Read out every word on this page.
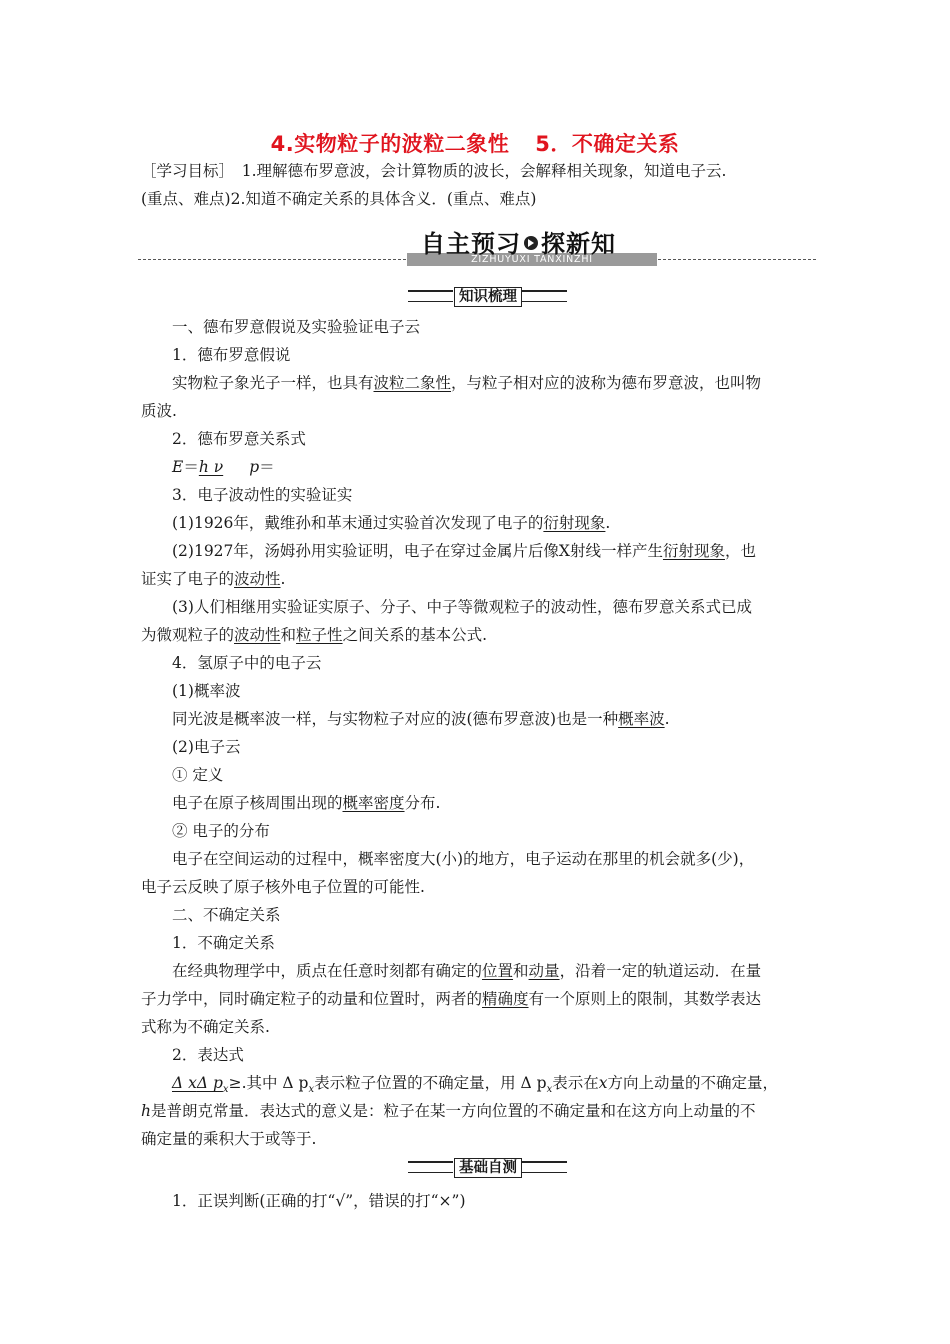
4.实物粒子的波粒二象性 5．不确定关系
［学习目标］　1.理解德布罗意波，会计算物质的波长，会解释相关现象，知道电子云.
(重点、难点)2.知道不确定关系的具体含义．(重点、难点)
ZIZHUYUXI TANXINZHI
自主预习 探新知
知识梳理
一、德布罗意假说及实验验证电子云
1．德布罗意假说
实物粒子象光子一样，也具有波粒二象性，与粒子相对应的波称为德布罗意波，也叫物
质波.
2．德布罗意关系式
E＝h ν p＝
3．电子波动性的实验证实
(1)1926年，戴维孙和革末通过实验首次发现了电子的衍射现象.
(2)1927年，汤姆孙用实验证明，电子在穿过金属片后像X射线一样产生衍射现象，也
证实了电子的波动性.
(3)人们相继用实验证实原子、分子、中子等微观粒子的波动性，德布罗意关系式已成
为微观粒子的波动性和粒子性之间关系的基本公式.
4．氢原子中的电子云
(1)概率波
同光波是概率波一样，与实物粒子对应的波(德布罗意波)也是一种概率波.
(2)电子云
① 定义
电子在原子核周围出现的概率密度分布.
② 电子的分布
电子在空间运动的过程中，概率密度大(小)的地方，电子运动在那里的机会就多(少)，
电子云反映了原子核外电子位置的可能性.
二、不确定关系
1．不确定关系
在经典物理学中，质点在任意时刻都有确定的位置和动量，沿着一定的轨道运动．在量
子力学中，同时确定粒子的动量和位置时，两者的精确度有一个原则上的限制，其数学表达
式称为不确定关系.
2．表达式
Δ xΔ $p_x\ge$.其中 Δ $p_x$表示粒子位置的不确定量，用 Δ $p_x$表示在x方向上动量的不确定量，
h是普朗克常量．表达式的意义是：粒子在某一方向位置的不确定量和在这方向上动量的不
确定量的乘积大于或等于.
基础自测
1．正误判断(正确的打“√”，错误的打“×”)
